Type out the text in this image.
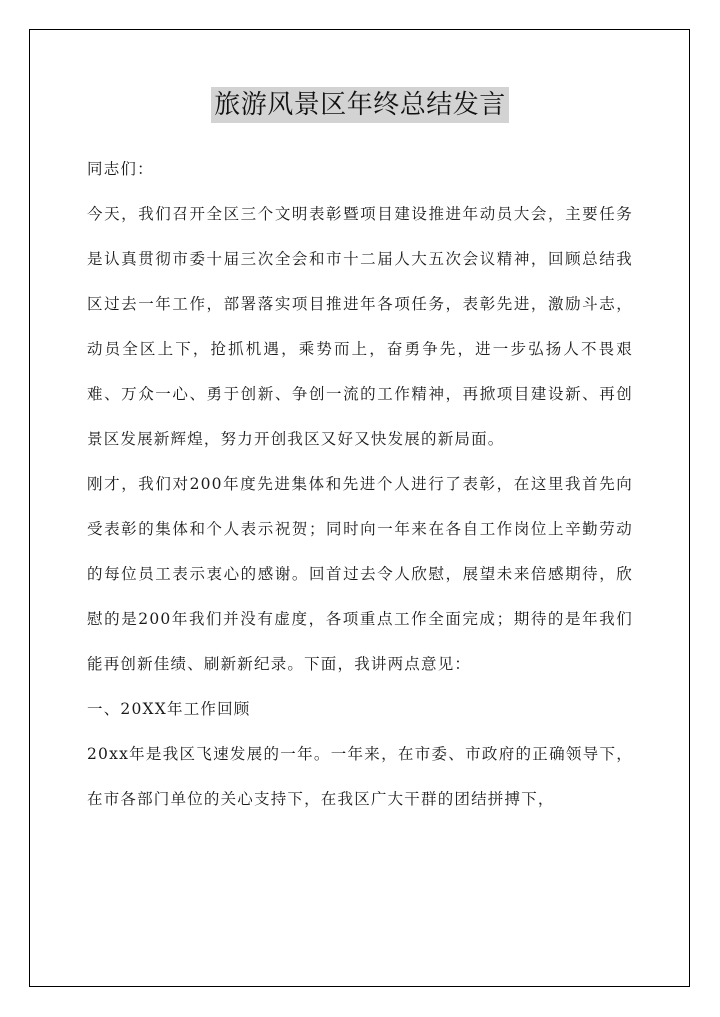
旅游风景区年终总结发言

同志们：

今天，我们召开全区三个文明表彰暨项目建设推进年动员大会，主要任务是认真贯彻市委十届三次全会和市十二届人大五次会议精神，回顾总结我区过去一年工作，部署落实项目推进年各项任务，表彰先进，激励斗志，动员全区上下，抢抓机遇，乘势而上，奋勇争先，进一步弘扬人不畏艰难、万众一心、勇于创新、争创一流的工作精神，再掀项目建设新、再创景区发展新辉煌，努力开创我区又好又快发展的新局面。

刚才，我们对200年度先进集体和先进个人进行了表彰，在这里我首先向受表彰的集体和个人表示祝贺；同时向一年来在各自工作岗位上辛勤劳动的每位员工表示衷心的感谢。回首过去令人欣慰，展望未来倍感期待，欣慰的是200年我们并没有虚度，各项重点工作全面完成；期待的是年我们能再创新佳绩、刷新新纪录。下面，我讲两点意见：

一、20XX年工作回顾

20xx年是我区飞速发展的一年。一年来，在市委、市政府的正确领导下，在市各部门单位的关心支持下，在我区广大干群的团结拼搏下，
